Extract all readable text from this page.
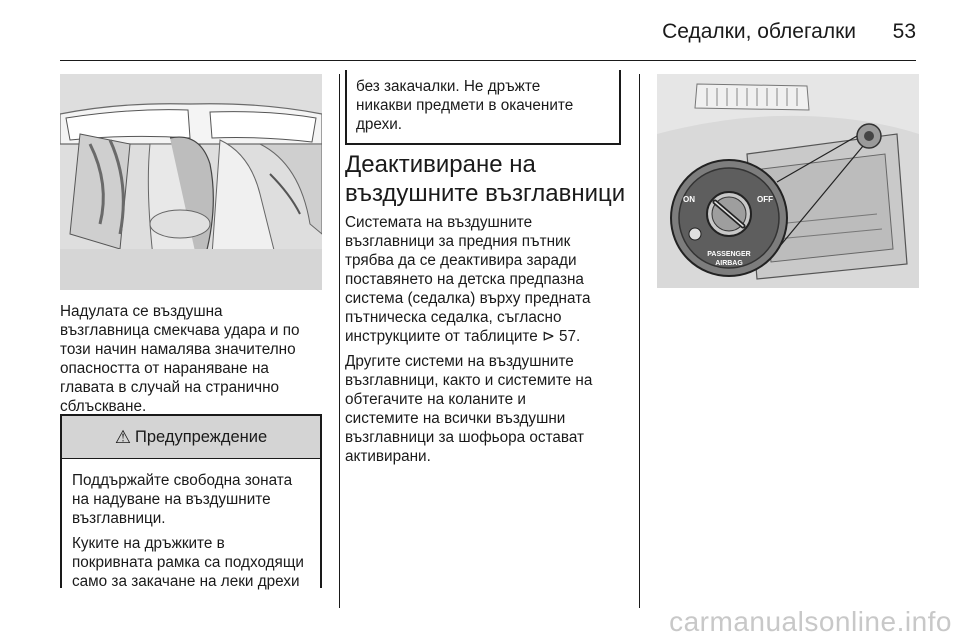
Седалки, облегалки 53

Надулата се въздушна
възглавница смекчава удара и по
този начин намалява значително
опасността от нараняване на
главата в случай на странично
сблъскване.

⚠ Предупреждение

Поддържайте свободна зоната
на надуване на въздушните
възглавници.

Куките на дръжките в
покривната рамка са подходящи
само за закачане на леки дрехи

без закачалки. Не дръжте
никакви предмети в окачените
дрехи.
Деактивиране на
въздушните възглавници

Системата на въздушните
възглавници за предния пътник
трябва да се деактивира заради
поставянето на детска предпазна
система (седалка) върху предната
пътническа седалка, съгласно
инструкциите от таблиците ⊳ 57.

Другите системи на въздушните
възглавници, както и системите на
обтегачите на коланите и
системите на всички въздушни
възглавници за шофьора остават
активирани.

ON	OFF
PASSENGER
AIRBAG
carmanualsonline.info
